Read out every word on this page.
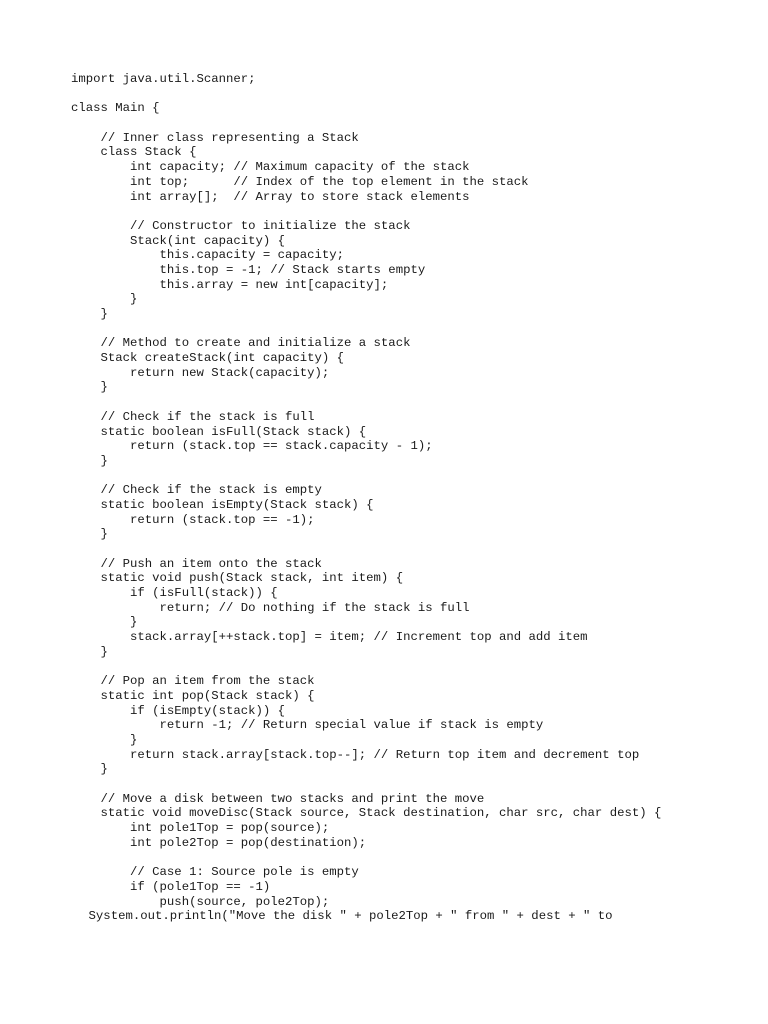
import java.util.Scanner;
class Main {
// Inner class representing a Stack
class Stack {
int capacity; // Maximum capacity of the stack
int top;      // Index of the top element in the stack
int array[];  // Array to store stack elements
// Constructor to initialize the stack
Stack(int capacity) {
this.capacity = capacity;
this.top = -1; // Stack starts empty
this.array = new int[capacity];
}
}
// Method to create and initialize a stack
Stack createStack(int capacity) {
return new Stack(capacity);
}
// Check if the stack is full
static boolean isFull(Stack stack) {
return (stack.top == stack.capacity - 1);
}
// Check if the stack is empty
static boolean isEmpty(Stack stack) {
return (stack.top == -1);
}
// Push an item onto the stack
static void push(Stack stack, int item) {
if (isFull(stack)) {
return; // Do nothing if the stack is full
}
stack.array[++stack.top] = item; // Increment top and add item
}
// Pop an item from the stack
static int pop(Stack stack) {
if (isEmpty(stack)) {
return -1; // Return special value if stack is empty
}
return stack.array[stack.top--]; // Return top item and decrement top
}
// Move a disk between two stacks and print the move
static void moveDisc(Stack source, Stack destination, char src, char dest) {
int pole1Top = pop(source);
int pole2Top = pop(destination);
// Case 1: Source pole is empty
if (pole1Top == -1)
push(source, pole2Top);
System.out.println("Move the disk " + pole2Top + " from " + dest + " to
